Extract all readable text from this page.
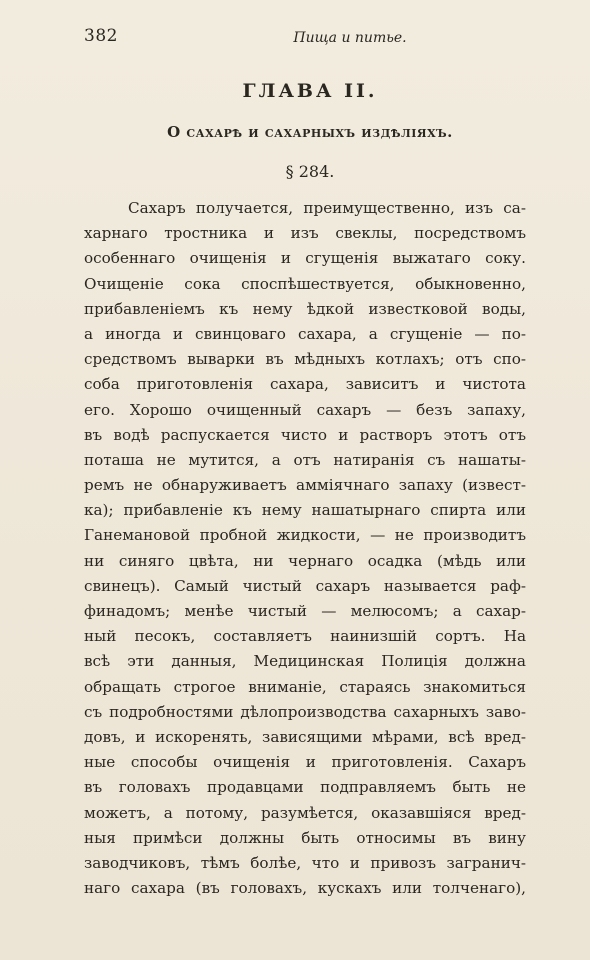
382	Пища и питье.
ГЛАВА II.
О сахарѣ и сахарныхъ издѣлiяхъ.
§ 284.
Сахаръ получается, преимущественно, изъ са-
харнаго тростника и изъ свеклы, посредствомъ
особеннаго очищенiя и сгущенiя выжатаго соку.
Очищенiе сока споспѣшествуется, обыкновенно,
прибавленiемъ къ нему ѣдкой известковой воды,
а иногда и свинцоваго сахара, а сгущенiе — по-
средствомъ выварки въ мѣдныхъ котлахъ; отъ спо-
соба приготовленiя сахара, зависитъ и чистота
его. Хорошо очищенный сахаръ — безъ запаху,
въ водѣ распускается чисто и растворъ этотъ отъ
поташа не мутится, а отъ натиранiя съ нашаты-
ремъ не обнаруживаетъ амміячнаго запаху (извест-
ка); прибавленiе къ нему нашатырнаго спирта или
Ганемановой пробной жидкости, — не производитъ
ни синяго цвѣта, ни чернаго осадка (мѣдь или
свинецъ). Самый чистый сахаръ называется раф-
финадомъ; менѣе чистый — мелюсомъ; а сахар-
ный песокъ, составляетъ наинизшiй сортъ. На
всѣ эти данныя, Медицинская Полицiя должна
обращать строгое вниманiе, стараясь знакомиться
съ подробностями дѣлопроизводства сахарныхъ заво-
довъ, и искоренять, зависящими мѣрами, всѣ вред-
ные способы очищенiя и приготовленiя. Сахаръ
въ головахъ продавцами подправляемъ быть не
можетъ, а потому, разумѣется, оказавшiяся вред-
ныя примѣси должны быть относимы въ вину
заводчиковъ, тѣмъ болѣе, что и привозъ загранич-
наго сахара (въ головахъ, кускахъ или толченаго),
